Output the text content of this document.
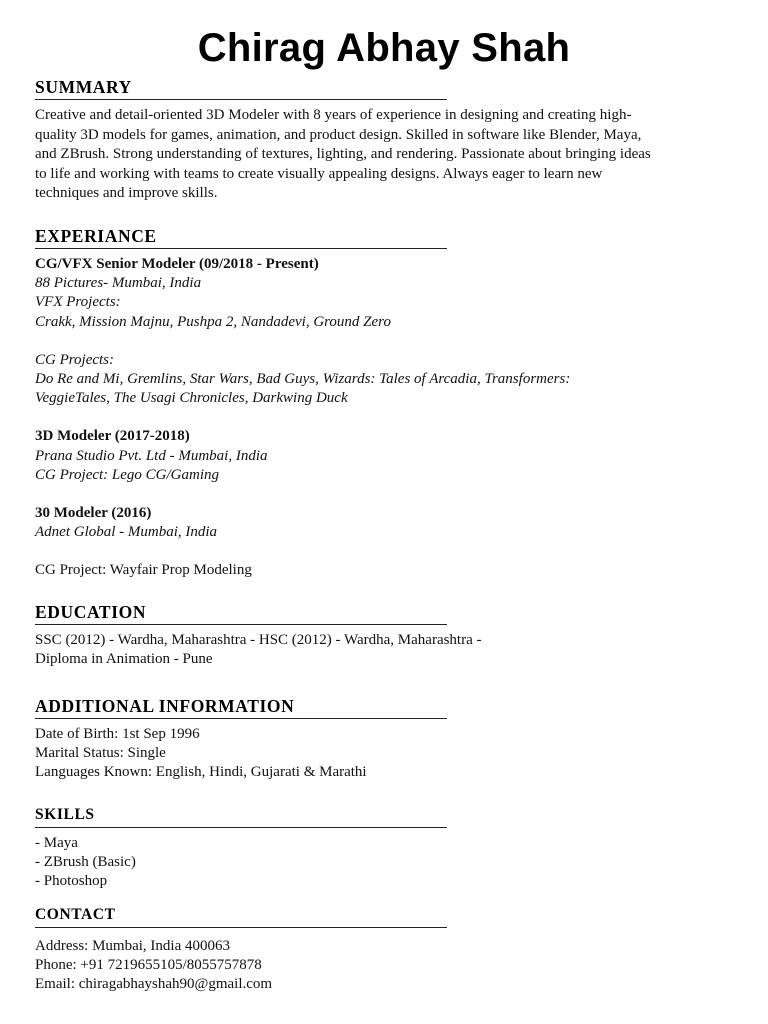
Chirag Abhay Shah
SUMMARY

Creative and detail-oriented 3D Modeler with 8 years of experience in designing and creating high-quality 3D models for games, animation, and product design. Skilled in software like Blender, Maya, and ZBrush. Strong understanding of textures, lighting, and rendering. Passionate about bringing ideas to life and working with teams to create visually appealing designs. Always eager to learn new techniques and improve skills.

EXPERIANCE
CG/VFX Senior Modeler (09/2018 - Present)
88 Pictures- Mumbai, India
VFX Projects:
Crakk, Mission Majnu, Pushpa 2, Nandadevi, Ground Zero
CG Projects:
Do Re and Mi, Gremlins, Star Wars, Bad Guys, Wizards: Tales of Arcadia, Transformers:
VeggieTales, The Usagi Chronicles, Darkwing Duck
3D Modeler (2017-2018)
Prana Studio Pvt. Ltd - Mumbai, India
CG Project: Lego CG/Gaming
30 Modeler (2016)
Adnet Global - Mumbai, India
CG Project: Wayfair Prop Modeling
EDUCATION
SSC (2012) - Wardha, Maharashtra - HSC (2012) - Wardha, Maharashtra -
Diploma in Animation - Pune
ADDITIONAL INFORMATION
Date of Birth: 1st Sep 1996
Marital Status: Single
Languages Known: English, Hindi, Gujarati & Marathi
SKILLS
- Maya
- ZBrush (Basic)
- Photoshop
CONTACT
Address: Mumbai, India 400063
Phone: +91 7219655105/8055757878
Email: chiragabhayshah90@gmail.com
